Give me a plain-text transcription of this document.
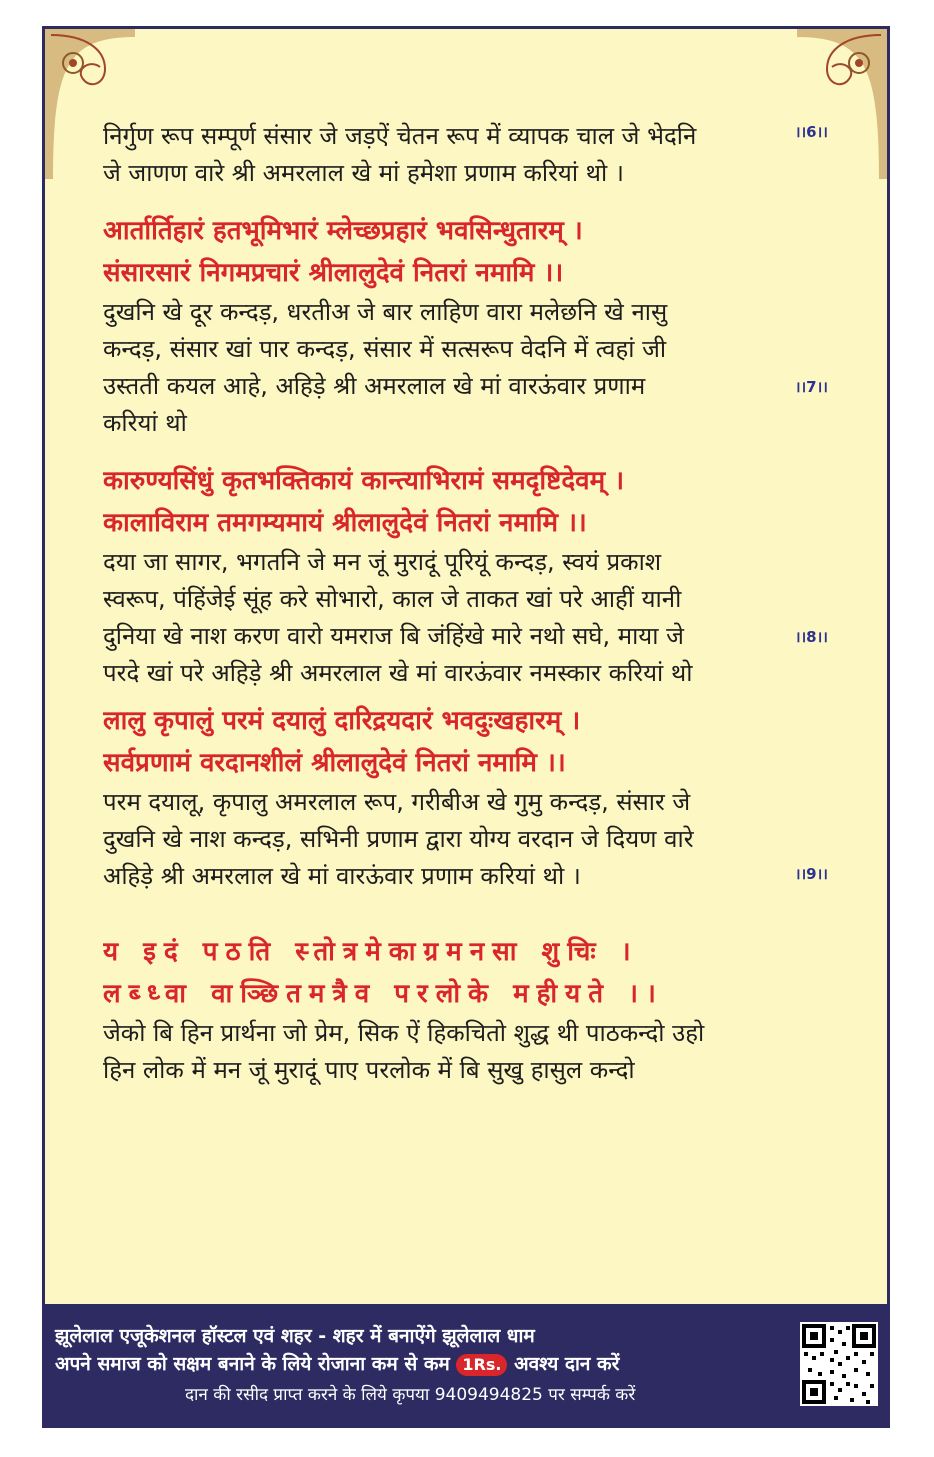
निर्गुण रूप सम्पूर्ण संसार जे जड़ऐं चेतन रूप में व्यापक चाल जे भेदनि
जे जाणण वारे श्री अमरलाल खे मां हमेशा प्रणाम करियां थो ।
।।6।।
आर्तार्तिहारं हतभूमिभारं म्लेच्छप्रहारं भवसिन्धुतारम् ।
संसारसारं निगमप्रचारं श्रीलालुदेवं नितरां नमामि ।।
दुखनि खे दूर कन्दड़, धरतीअ जे बार लाहिण वारा मलेछनि खे नासु
कन्दड़, संसार खां पार कन्दड़, संसार में सत्सरूप वेदनि में त्वहां जी
उस्तती कयल आहे, अहिड़े श्री अमरलाल खे मां वारऊंवार प्रणाम
करियां थो
।।7।।
कारुण्यसिंधुं कृतभक्तिकायं कान्त्याभिरामं समदृष्टिदेवम् ।
कालाविराम तमगम्यमायं श्रीलालुदेवं नितरां नमामि ।।
दया जा सागर, भगतनि जे मन जूं मुरादूं पूरियूं कन्दड़, स्वयं प्रकाश
स्वरूप, पंहिंजेई सूंह करे सोभारो, काल जे ताकत खां परे आहीं यानी
दुनिया खे नाश करण वारो यमराज बि जंहिंखे मारे नथो सघे, माया जे
परदे खां परे अहिड़े श्री अमरलाल खे मां वारऊंवार नमस्कार करियां थो
।।8।।
लालु कृपालुं परमं दयालुं दारिद्रयदारं भवदुःखहारम् ।
सर्वप्रणामं वरदानशीलं श्रीलालुदेवं नितरां नमामि ।।
परम दयालू, कृपालु अमरलाल रूप, गरीबीअ खे गुमु कन्दड़, संसार जे
दुखनि खे नाश कन्दड़, सभिनी प्रणाम द्वारा योग्य वरदान जे दियण वारे
अहिड़े श्री अमरलाल खे मां वारऊंवार प्रणाम करियां थो ।	।।9।।
य इदं पठति स्तोत्रमेकाग्रमनसा शुचिः ।
लब्ध्वा वाञ्छितमत्रैव परलोके महीयते ।।
जेको बि हिन प्रार्थना जो प्रेम, सिक ऐं हिकचितो शुद्ध थी पाठकन्दो उहो
हिन लोक में मन जूं मुरादूं पाए परलोक में बि सुखु हासुल कन्दो
झूलेलाल एजूकेशनल हॉस्टल एवं शहर - शहर में बनाऐंगे झूलेलाल धाम
अपने समाज को सक्षम बनाने के लिये रोजाना कम से कम 1Rs. अवश्य दान करें
दान की रसीद प्राप्त करने के लिये कृपया 9409494825 पर सम्पर्क करें
